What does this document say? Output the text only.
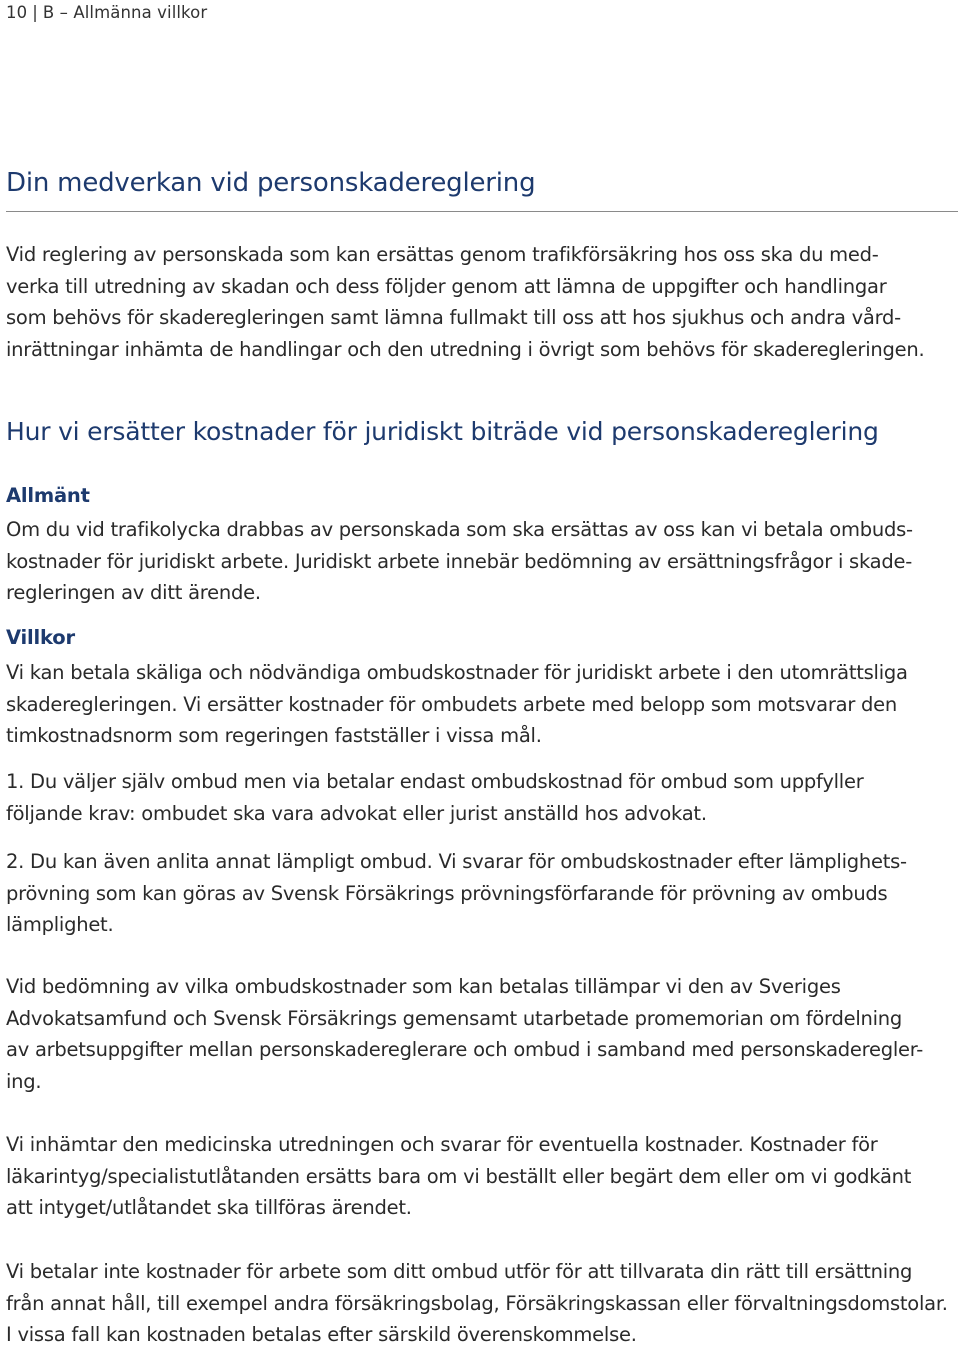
10 | B – Allmänna villkor
Din medverkan vid personskadereglering

Vid reglering av personskada som kan ersättas genom trafikförsäkring hos oss ska du med-
verka till utredning av skadan och dess följder genom att lämna de uppgifter och handlingar
som behövs för skaderegleringen samt lämna fullmakt till oss att hos sjukhus och andra vård-
inrättningar inhämta de handlingar och den utredning i övrigt som behövs för skaderegleringen.

Hur vi ersätter kostnader för juridiskt biträde vid personskadereglering
Allmänt

Om du vid trafikolycka drabbas av personskada som ska ersättas av oss kan vi betala ombuds-
kostnader för juridiskt arbete. Juridiskt arbete innebär bedömning av ersättningsfrågor i skade-
regleringen av ditt ärende.

Villkor

Vi kan betala skäliga och nödvändiga ombudskostnader för juridiskt arbete i den utomrättsliga
skaderegleringen. Vi ersätter kostnader för ombudets arbete med belopp som motsvarar den
timkostnadsnorm som regeringen fastställer i vissa mål.

1. Du väljer själv ombud men via betalar endast ombudskostnad för ombud som uppfyller
följande krav: ombudet ska vara advokat eller jurist anställd hos advokat.

2. Du kan även anlita annat lämpligt ombud. Vi svarar för ombudskostnader efter lämplighets-
prövning som kan göras av Svensk Försäkrings prövningsförfarande för prövning av ombuds
lämplighet.

Vid bedömning av vilka ombudskostnader som kan betalas tillämpar vi den av Sveriges
Advokatsamfund och Svensk Försäkrings gemensamt utarbetade promemorian om fördelning
av arbetsuppgifter mellan personskadereglerare och ombud i samband med personskaderegler-
ing.

Vi inhämtar den medicinska utredningen och svarar för eventuella kostnader. Kostnader för
läkarintyg/specialistutlåtanden ersätts bara om vi beställt eller begärt dem eller om vi godkänt
att intyget/utlåtandet ska tillföras ärendet.

Vi betalar inte kostnader för arbete som ditt ombud utför för att tillvarata din rätt till ersättning
från annat håll, till exempel andra försäkringsbolag, Försäkringskassan eller förvaltningsdomstolar.
I vissa fall kan kostnaden betalas efter särskild överenskommelse.
